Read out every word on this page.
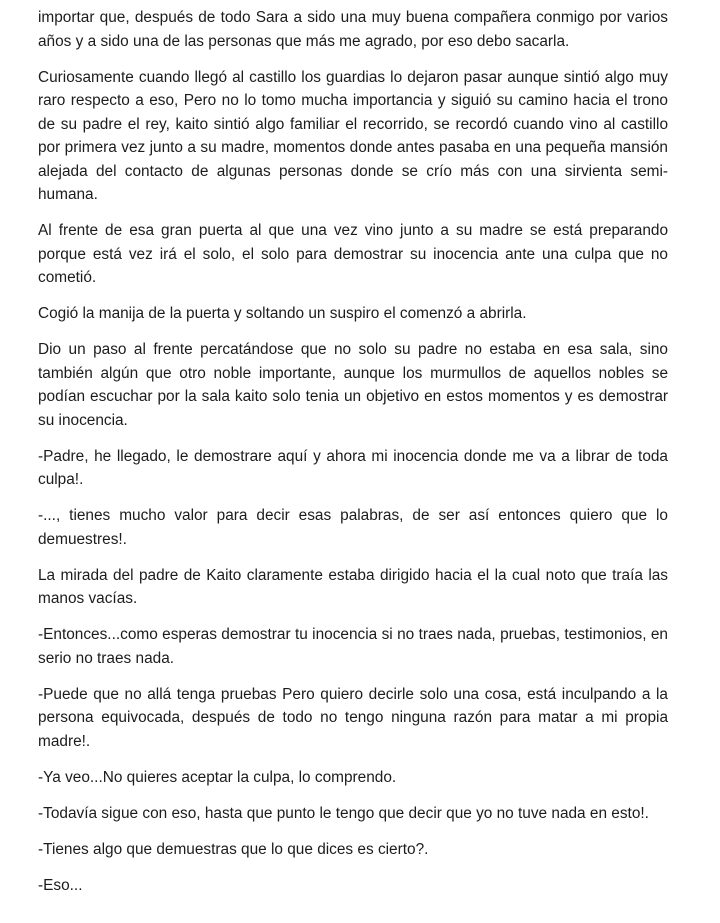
importar que, después de todo Sara a sido una muy buena compañera conmigo por varios años y a sido una de las personas que más me agrado, por eso debo sacarla.

Curiosamente cuando llegó al castillo los guardias lo dejaron pasar aunque sintió algo muy raro respecto a eso, Pero no lo tomo mucha importancia y siguió su camino hacia el trono de su padre el rey, kaito sintió algo familiar el recorrido, se recordó cuando vino al castillo por primera vez junto a su madre, momentos donde antes pasaba en una pequeña mansión alejada del contacto de algunas personas donde se crío más con una sirvienta semi-humana.

Al frente de esa gran puerta al que una vez vino junto a su madre se está preparando porque está vez irá el solo, el solo para demostrar su inocencia ante una culpa que no cometió.

Cogió la manija de la puerta y soltando un suspiro el comenzó a abrirla.

Dio un paso al frente percatándose que no solo su padre no estaba en esa sala, sino también algún que otro noble importante, aunque los murmullos de aquellos nobles se podían escuchar por la sala kaito solo tenia un objetivo en estos momentos y es demostrar su inocencia.

-Padre, he llegado, le demostrare aquí y ahora mi inocencia donde me va a librar de toda culpa!.

-..., tienes mucho valor para decir esas palabras, de ser así entonces quiero que lo demuestres!.

La mirada del padre de Kaito claramente estaba dirigido hacia el la cual noto que traía las manos vacías.

-Entonces...como esperas demostrar tu inocencia si no traes nada, pruebas, testimonios, en serio no traes nada.

-Puede que no allá tenga pruebas Pero quiero decirle solo una cosa, está inculpando a la persona equivocada, después de todo no tengo ninguna razón para matar a mi propia madre!.

-Ya veo...No quieres aceptar la culpa, lo comprendo.

-Todavía sigue con eso, hasta que punto le tengo que decir que yo no tuve nada en esto!.

-Tienes algo que demuestras que lo que dices es cierto?.

-Eso...
